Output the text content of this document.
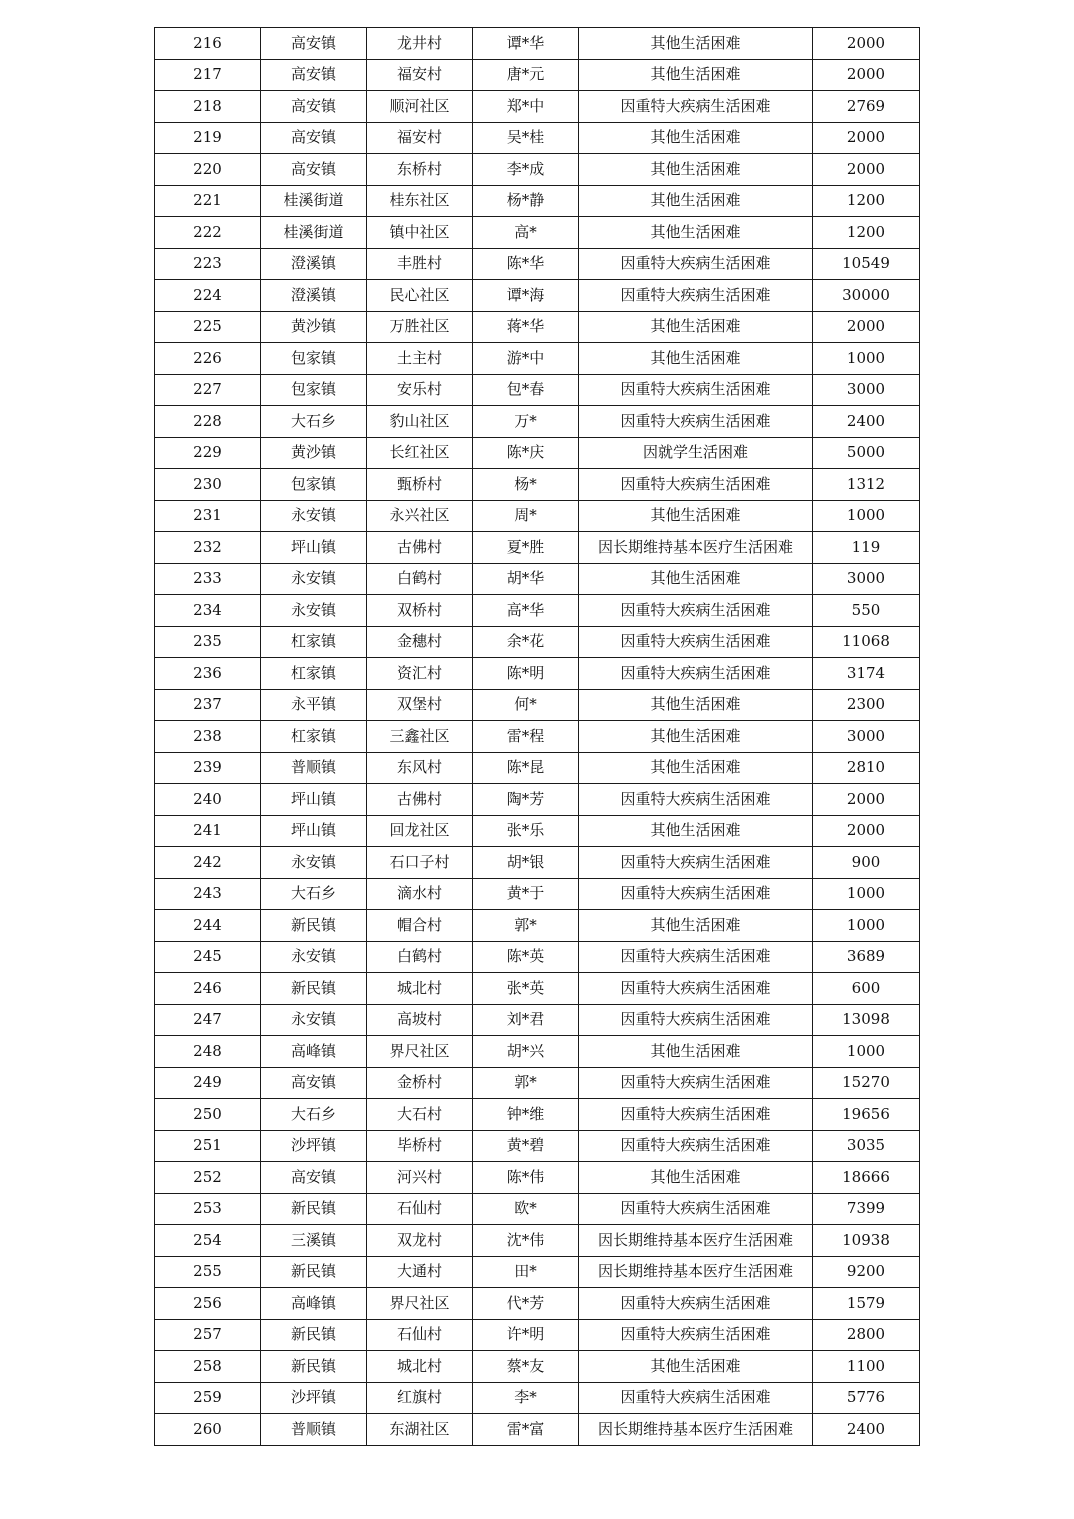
216	高安镇	龙井村	谭*华	其他生活困难	2000
217	高安镇	福安村	唐*元	其他生活困难	2000
218	高安镇	顺河社区	郑*中	因重特大疾病生活困难	2769
219	高安镇	福安村	吴*桂	其他生活困难	2000
220	高安镇	东桥村	李*成	其他生活困难	2000
221	桂溪街道	桂东社区	杨*静	其他生活困难	1200
222	桂溪街道	镇中社区	高*	其他生活困难	1200
223	澄溪镇	丰胜村	陈*华	因重特大疾病生活困难	10549
224	澄溪镇	民心社区	谭*海	因重特大疾病生活困难	30000
225	黄沙镇	万胜社区	蒋*华	其他生活困难	2000
226	包家镇	土主村	游*中	其他生活困难	1000
227	包家镇	安乐村	包*春	因重特大疾病生活困难	3000
228	大石乡	豹山社区	万*	因重特大疾病生活困难	2400
229	黄沙镇	长红社区	陈*庆	因就学生活困难	5000
230	包家镇	甄桥村	杨*	因重特大疾病生活困难	1312
231	永安镇	永兴社区	周*	其他生活困难	1000
232	坪山镇	古佛村	夏*胜	因长期维持基本医疗生活困难	119
233	永安镇	白鹤村	胡*华	其他生活困难	3000
234	永安镇	双桥村	高*华	因重特大疾病生活困难	550
235	杠家镇	金穗村	余*花	因重特大疾病生活困难	11068
236	杠家镇	资汇村	陈*明	因重特大疾病生活困难	3174
237	永平镇	双堡村	何*	其他生活困难	2300
238	杠家镇	三鑫社区	雷*程	其他生活困难	3000
239	普顺镇	东风村	陈*昆	其他生活困难	2810
240	坪山镇	古佛村	陶*芳	因重特大疾病生活困难	2000
241	坪山镇	回龙社区	张*乐	其他生活困难	2000
242	永安镇	石口子村	胡*银	因重特大疾病生活困难	900
243	大石乡	滴水村	黄*于	因重特大疾病生活困难	1000
244	新民镇	帽合村	郭*	其他生活困难	1000
245	永安镇	白鹤村	陈*英	因重特大疾病生活困难	3689
246	新民镇	城北村	张*英	因重特大疾病生活困难	600
247	永安镇	高坡村	刘*君	因重特大疾病生活困难	13098
248	高峰镇	界尺社区	胡*兴	其他生活困难	1000
249	高安镇	金桥村	郭*	因重特大疾病生活困难	15270
250	大石乡	大石村	钟*维	因重特大疾病生活困难	19656
251	沙坪镇	毕桥村	黄*碧	因重特大疾病生活困难	3035
252	高安镇	河兴村	陈*伟	其他生活困难	18666
253	新民镇	石仙村	欧*	因重特大疾病生活困难	7399
254	三溪镇	双龙村	沈*伟	因长期维持基本医疗生活困难	10938
255	新民镇	大通村	田*	因长期维持基本医疗生活困难	9200
256	高峰镇	界尺社区	代*芳	因重特大疾病生活困难	1579
257	新民镇	石仙村	许*明	因重特大疾病生活困难	2800
258	新民镇	城北村	蔡*友	其他生活困难	1100
259	沙坪镇	红旗村	李*	因重特大疾病生活困难	5776
260	普顺镇	东湖社区	雷*富	因长期维持基本医疗生活困难	2400
